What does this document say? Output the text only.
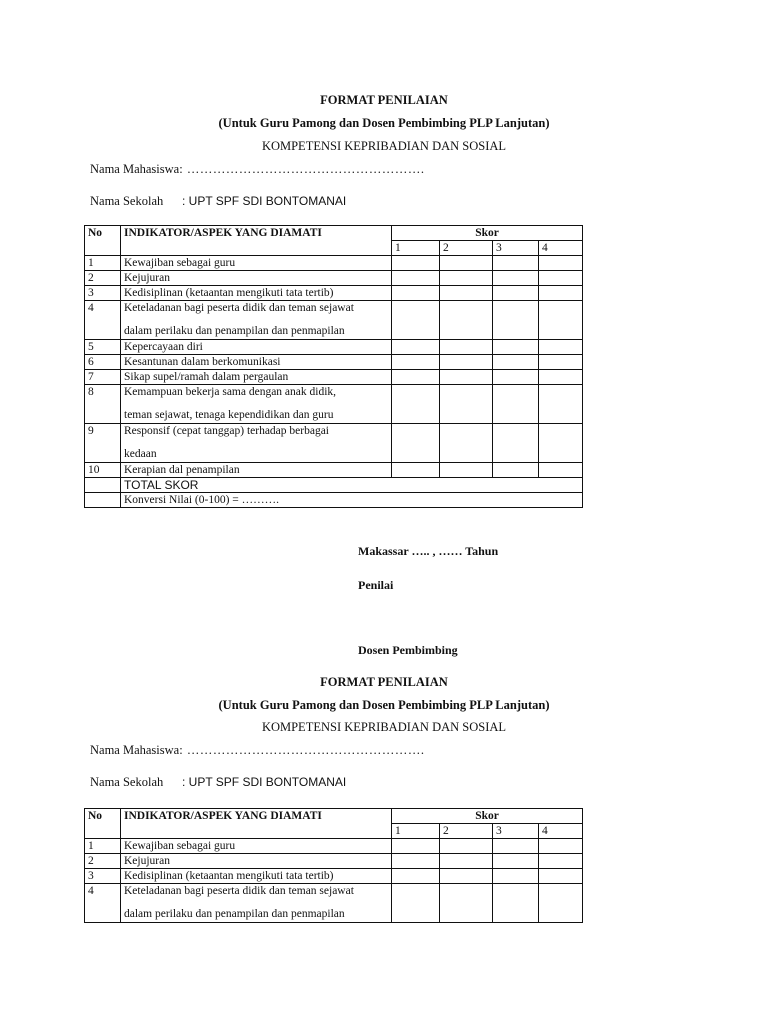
FORMAT PENILAIAN
(Untuk Guru Pamong dan Dosen Pembimbing PLP Lanjutan)
KOMPETENSI KEPRIBADIAN DAN SOSIAL
Nama Mahasiswa: ……………………………………………….
Nama Sekolah : UPT SPF SDI BONTOMANAI
No	INDIKATOR/ASPEK YANG DIAMATI	Skor			
		1	2	3	4
1	Kewajiban sebagai guru				
2	Kejujuran				
3	Kedisiplinan (ketaantan mengikuti tata tertib)				
4	Keteladanan bagi peserta didik dan teman sejawat
dalam perilaku dan penampilan dan penmapilan				

5	Kepercayaan diri				
6	Kesantunan dalam berkomunikasi				
7	Sikap supel/ramah dalam pergaulan				
8	Kemampuan bekerja sama dengan anak didik,
teman sejawat, tenaga kependidikan dan guru				

9	Responsif (cepat tanggap) terhadap berbagai
kedaan				

10	Kerapian dal penampilan				
	TOTAL SKOR				
	Konversi Nilai (0-100) = ……….				
Makassar ….. , …… Tahun
Penilai
Dosen Pembimbing
FORMAT PENILAIAN
(Untuk Guru Pamong dan Dosen Pembimbing PLP Lanjutan)
KOMPETENSI KEPRIBADIAN DAN SOSIAL
Nama Mahasiswa: ……………………………………………….
Nama Sekolah : UPT SPF SDI BONTOMANAI
No	INDIKATOR/ASPEK YANG DIAMATI	Skor			
		1	2	3	4
1	Kewajiban sebagai guru				
2	Kejujuran				
3	Kedisiplinan (ketaantan mengikuti tata tertib)				
4	Keteladanan bagi peserta didik dan teman sejawat
dalam perilaku dan penampilan dan penmapilan				
